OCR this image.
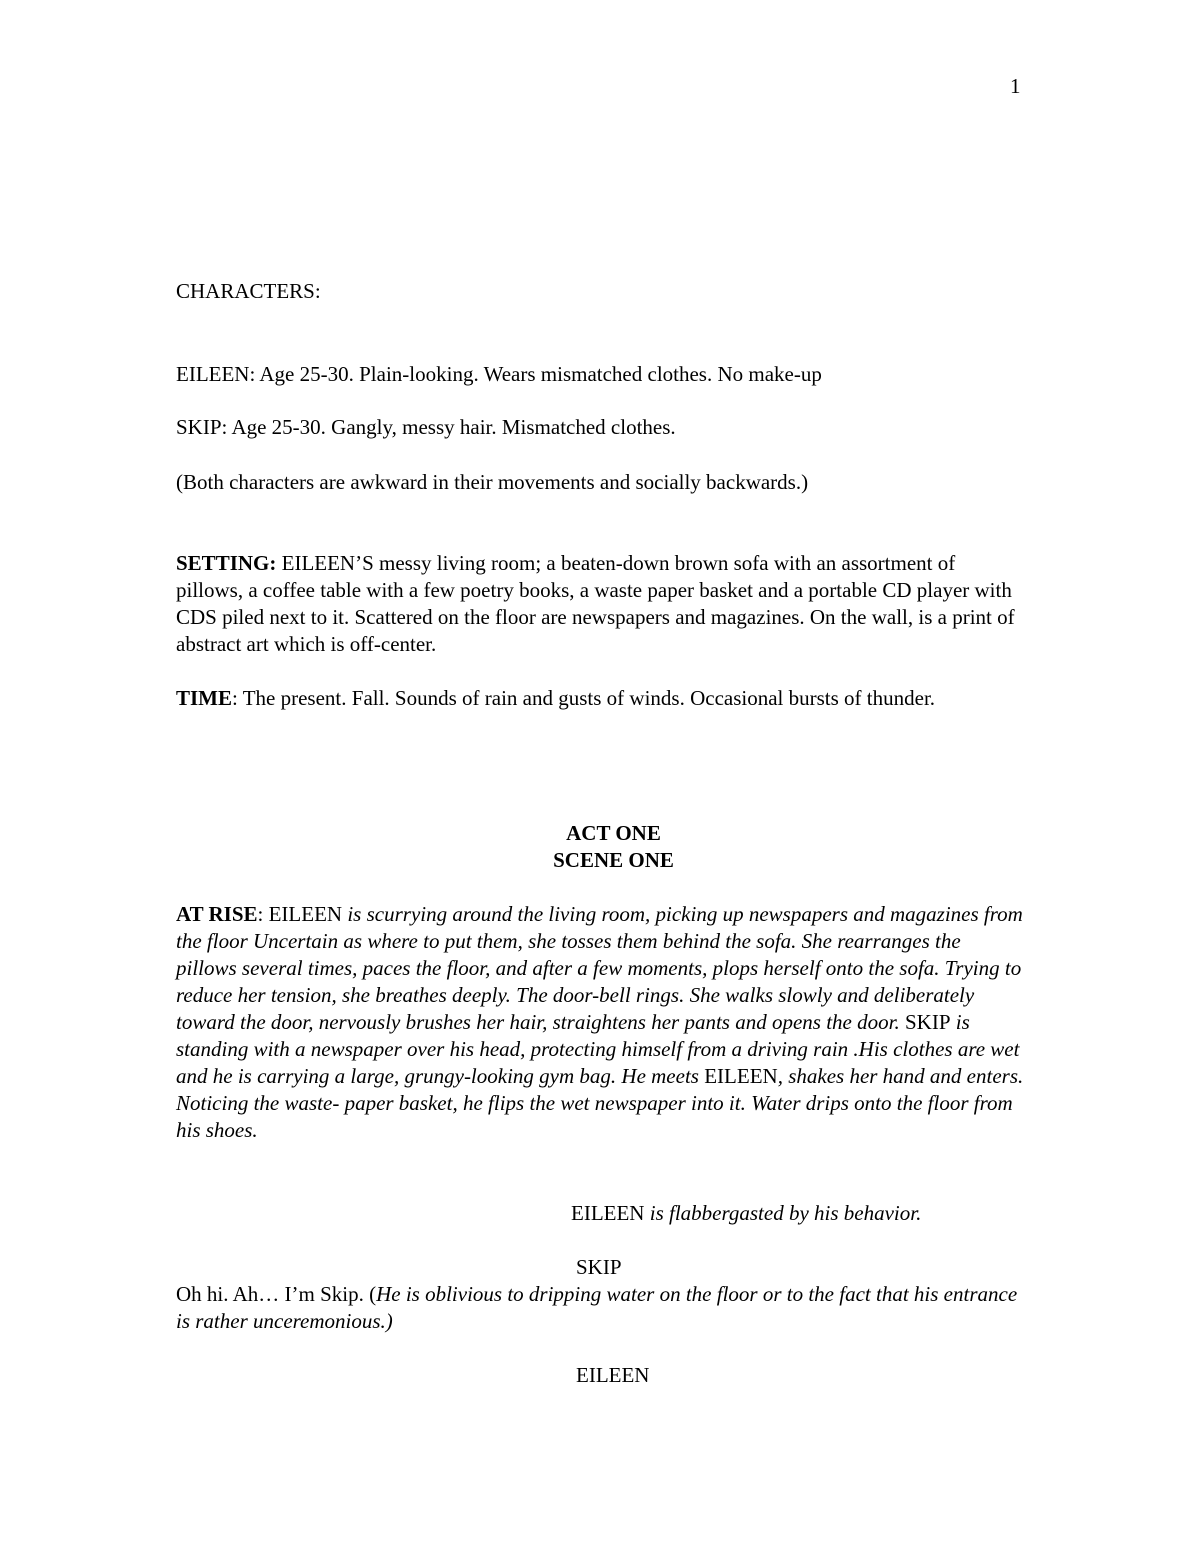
1
CHARACTERS:
EILEEN: Age 25-30. Plain-looking. Wears mismatched clothes. No make-up
SKIP: Age 25-30. Gangly, messy hair. Mismatched clothes.
(Both characters are awkward in their movements and socially backwards.)
SETTING: EILEEN’S messy living room; a beaten-down brown sofa with an assortment of pillows, a coffee table with a few poetry books, a waste paper basket and a portable CD player with CDS piled next to it. Scattered on the floor are newspapers and magazines. On the wall, is a print of abstract art which is off-center.
TIME: The present. Fall. Sounds of rain and gusts of winds. Occasional bursts of thunder.
ACT ONE
SCENE ONE
AT RISE: EILEEN is scurrying around the living room, picking up newspapers and magazines from the floor Uncertain as where to put them, she tosses them behind the sofa. She rearranges the pillows several times, paces the floor, and after a few moments, plops herself onto the sofa. Trying to reduce her tension, she breathes deeply. The door-bell rings. She walks slowly and deliberately toward the door, nervously brushes her hair, straightens her pants and opens the door. SKIP is standing with a newspaper over his head, protecting himself from a driving rain .His clothes are wet and he is carrying a large, grungy-looking gym bag. He meets EILEEN, shakes her hand and enters. Noticing the waste- paper basket, he flips the wet newspaper into it. Water drips onto the floor from his shoes.
EILEEN is flabbergasted by his behavior.
SKIP
Oh hi. Ah… I’m Skip. (He is oblivious to dripping water on the floor or to the fact that his entrance is rather unceremonious.)
EILEEN
